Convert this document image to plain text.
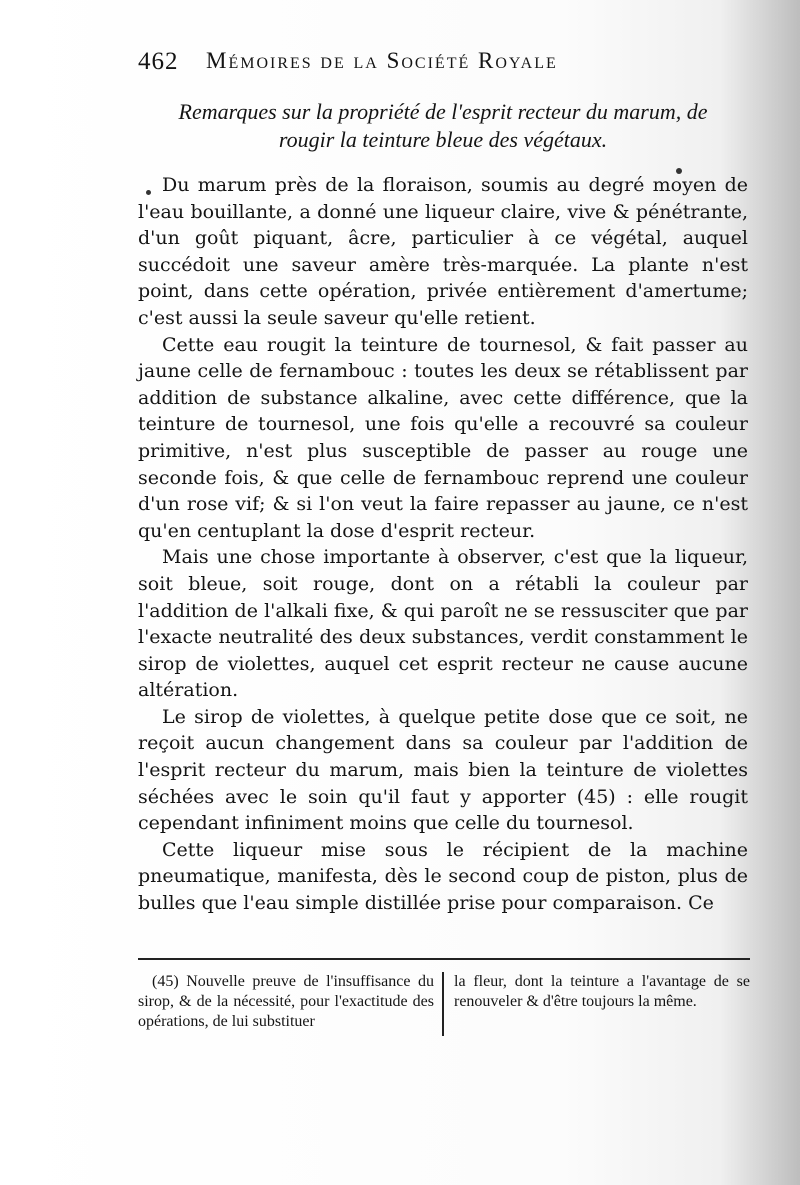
462 Mémoires de la Société Royale
Remarques sur la propriété de l'esprit recteur du marum, de
rougir la teinture bleue des végétaux.

Du marum près de la floraison, soumis au degré moyen de l'eau bouillante, a donné une liqueur claire, vive & pénétrante, d'un goût piquant, âcre, particulier à ce végétal, auquel succédoit une saveur amère très-marquée. La plante n'est point, dans cette opération, privée entièrement d'amertume; c'est aussi la seule saveur qu'elle retient.

Cette eau rougit la teinture de tournesol, & fait passer au jaune celle de fernambouc : toutes les deux se rétablissent par addition de substance alkaline, avec cette différence, que la teinture de tournesol, une fois qu'elle a recouvré sa couleur primitive, n'est plus susceptible de passer au rouge une seconde fois, & que celle de fernambouc reprend une couleur d'un rose vif; & si l'on veut la faire repasser au jaune, ce n'est qu'en centuplant la dose d'esprit recteur.

Mais une chose importante à observer, c'est que la liqueur, soit bleue, soit rouge, dont on a rétabli la couleur par l'addition de l'alkali fixe, & qui paroît ne se ressusciter que par l'exacte neutralité des deux substances, verdit constamment le sirop de violettes, auquel cet esprit recteur ne cause aucune altération.

Le sirop de violettes, à quelque petite dose que ce soit, ne reçoit aucun changement dans sa couleur par l'addition de l'esprit recteur du marum, mais bien la teinture de violettes séchées avec le soin qu'il faut y apporter (45) : elle rougit cependant infiniment moins que celle du tournesol.

Cette liqueur mise sous le récipient de la machine pneumatique, manifesta, dès le second coup de piston, plus de bulles que l'eau simple distillée prise pour comparaison. Ce

(45) Nouvelle preuve de l'insuffisance du sirop, & de la nécessité, pour l'exactitude des opérations, de lui substituer
la fleur, dont la teinture a l'avantage de se renouveler & d'être toujours la même.
